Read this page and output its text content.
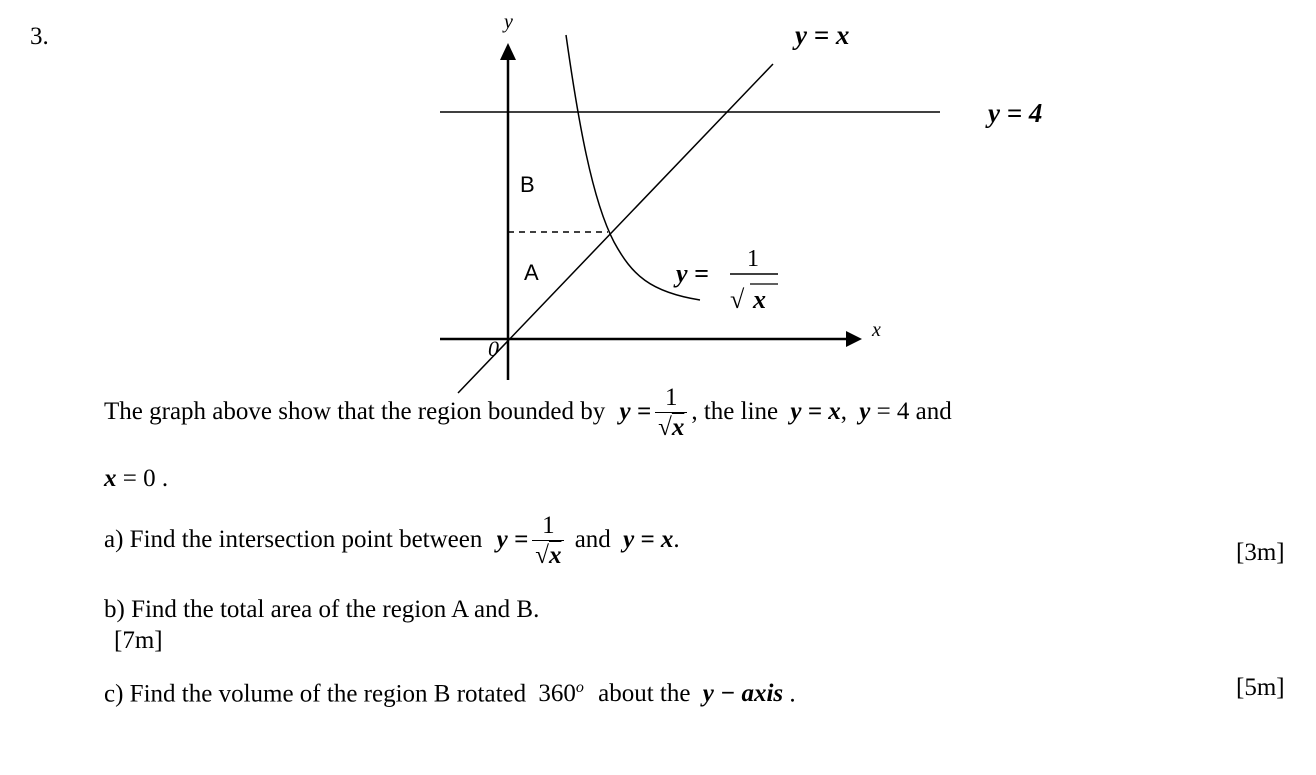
3.
y
x
0
B
A
y = x
y = 4
y = 1
√ x
The graph above show that the region bounded by $y = \frac{1}{√x}$ , the line y = x, y = 4 and
x = 0 .
a) Find the intersection point between $y = \frac{1}{√x}$ and y = x.	[3m]
b) Find the total area of the region A and B.
[7m]
c) Find the volume of the region B rotated 360$^o$ about the y − axis .	[5m]
